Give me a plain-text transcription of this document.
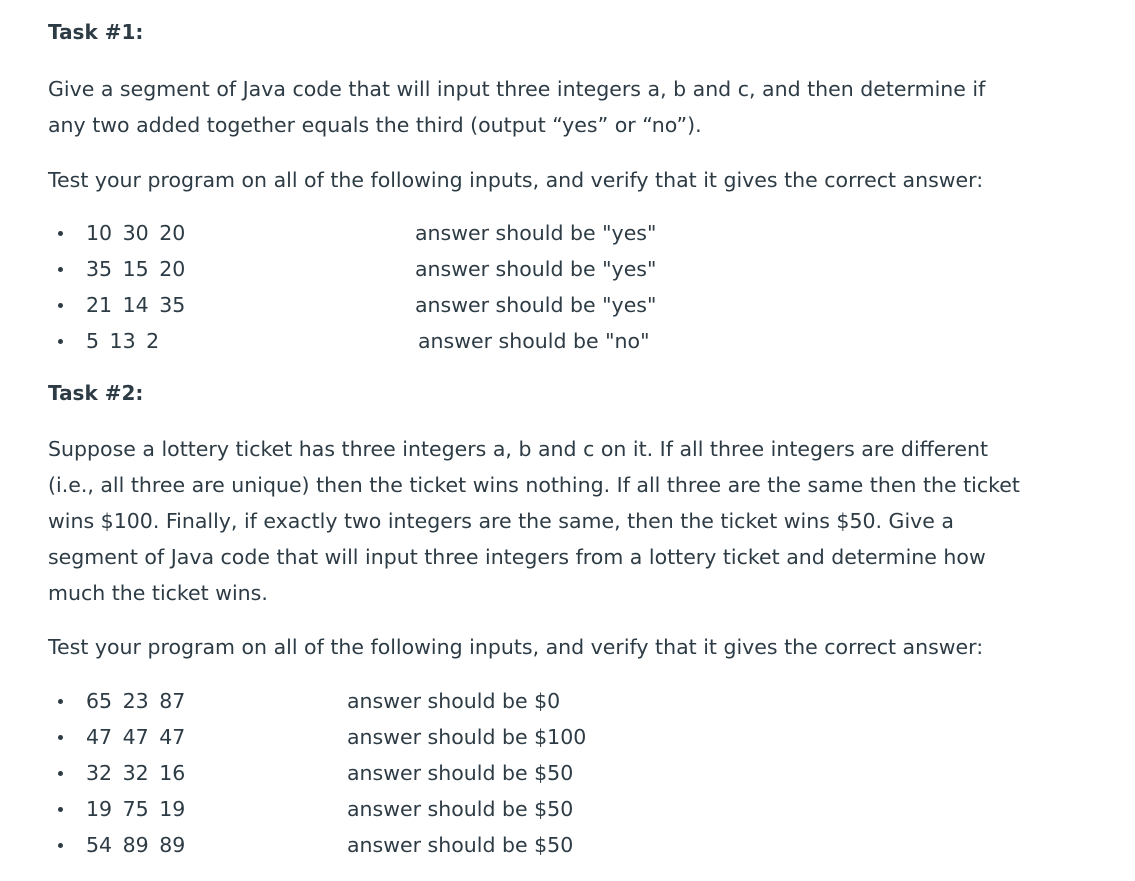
Task #1:
Give a segment of Java code that will input three integers a, b and c, and then determine if
any two added together equals the third (output “yes” or “no”).
Test your program on all of the following inputs, and verify that it gives the correct answer:
10 30 20	answer should be "yes"
35 15 20	answer should be "yes"
21 14 35	answer should be "yes"
5 13 2	answer should be "no"
Task #2:
Suppose a lottery ticket has three integers a, b and c on it. If all three integers are different
(i.e., all three are unique) then the ticket wins nothing. If all three are the same then the ticket
wins $100. Finally, if exactly two integers are the same, then the ticket wins $50. Give a
segment of Java code that will input three integers from a lottery ticket and determine how
much the ticket wins.
Test your program on all of the following inputs, and verify that it gives the correct answer:
65 23 87	answer should be $0
47 47 47	answer should be $100
32 32 16	answer should be $50
19 75 19	answer should be $50
54 89 89	answer should be $50
